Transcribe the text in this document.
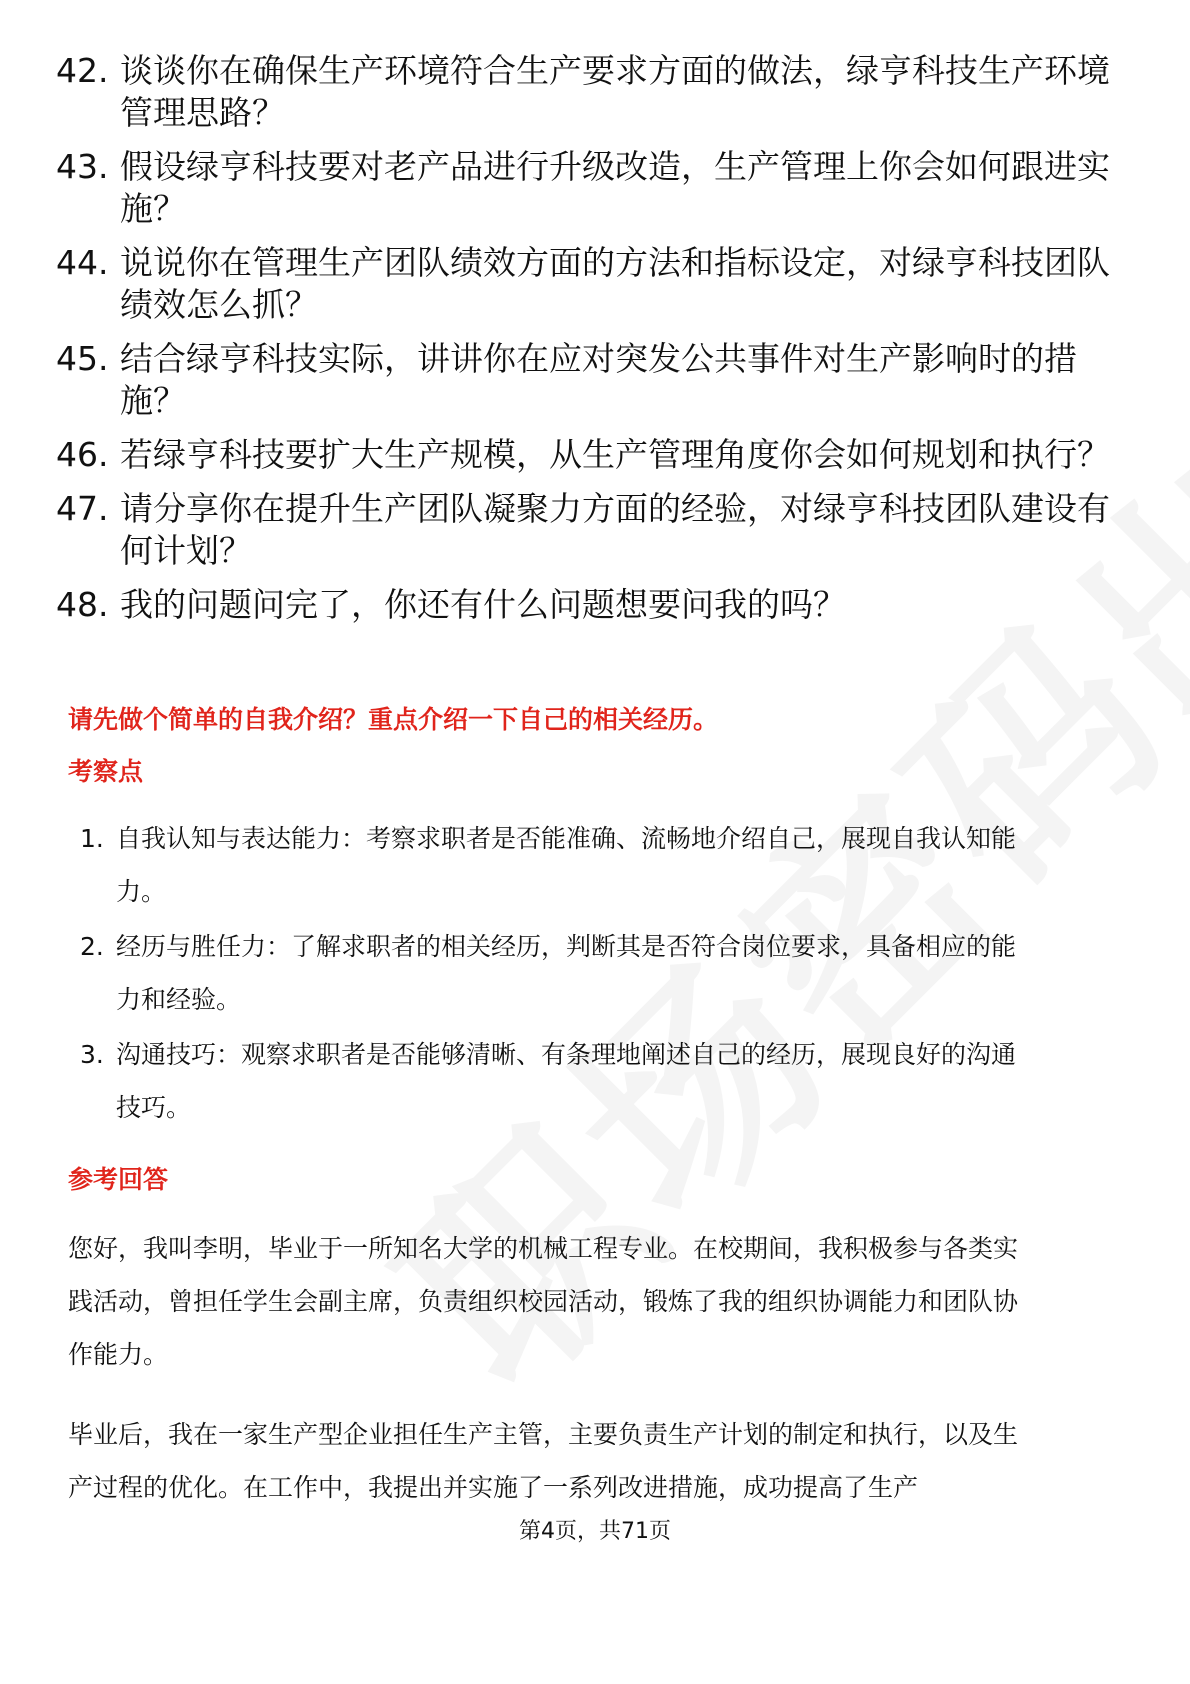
42. 谈谈你在确保生产环境符合生产要求方面的做法，绿亨科技生产环境管理思路？
43. 假设绿亨科技要对老产品进行升级改造，生产管理上你会如何跟进实施？
44. 说说你在管理生产团队绩效方面的方法和指标设定，对绿亨科技团队绩效怎么抓？
45. 结合绿亨科技实际，讲讲你在应对突发公共事件对生产影响时的措施？
46. 若绿亨科技要扩大生产规模，从生产管理角度你会如何规划和执行？
47. 请分享你在提升生产团队凝聚力方面的经验，对绿亨科技团队建设有何计划？
48. 我的问题问完了，你还有什么问题想要问我的吗？
请先做个简单的自我介绍？重点介绍一下自己的相关经历。
考察点
1. 自我认知与表达能力：考察求职者是否能准确、流畅地介绍自己，展现自我认知能力。
2. 经历与胜任力：了解求职者的相关经历，判断其是否符合岗位要求，具备相应的能力和经验。
3. 沟通技巧：观察求职者是否能够清晰、有条理地阐述自己的经历，展现良好的沟通技巧。
参考回答

您好，我叫李明，毕业于一所知名大学的机械工程专业。在校期间，我积极参与各类实践活动，曾担任学生会副主席，负责组织校园活动，锻炼了我的组织协调能力和团队协作能力。

毕业后，我在一家生产型企业担任生产主管，主要负责生产计划的制定和执行，以及生产过程的优化。在工作中，我提出并实施了一系列改进措施，成功提高了生产

第4页，共71页
